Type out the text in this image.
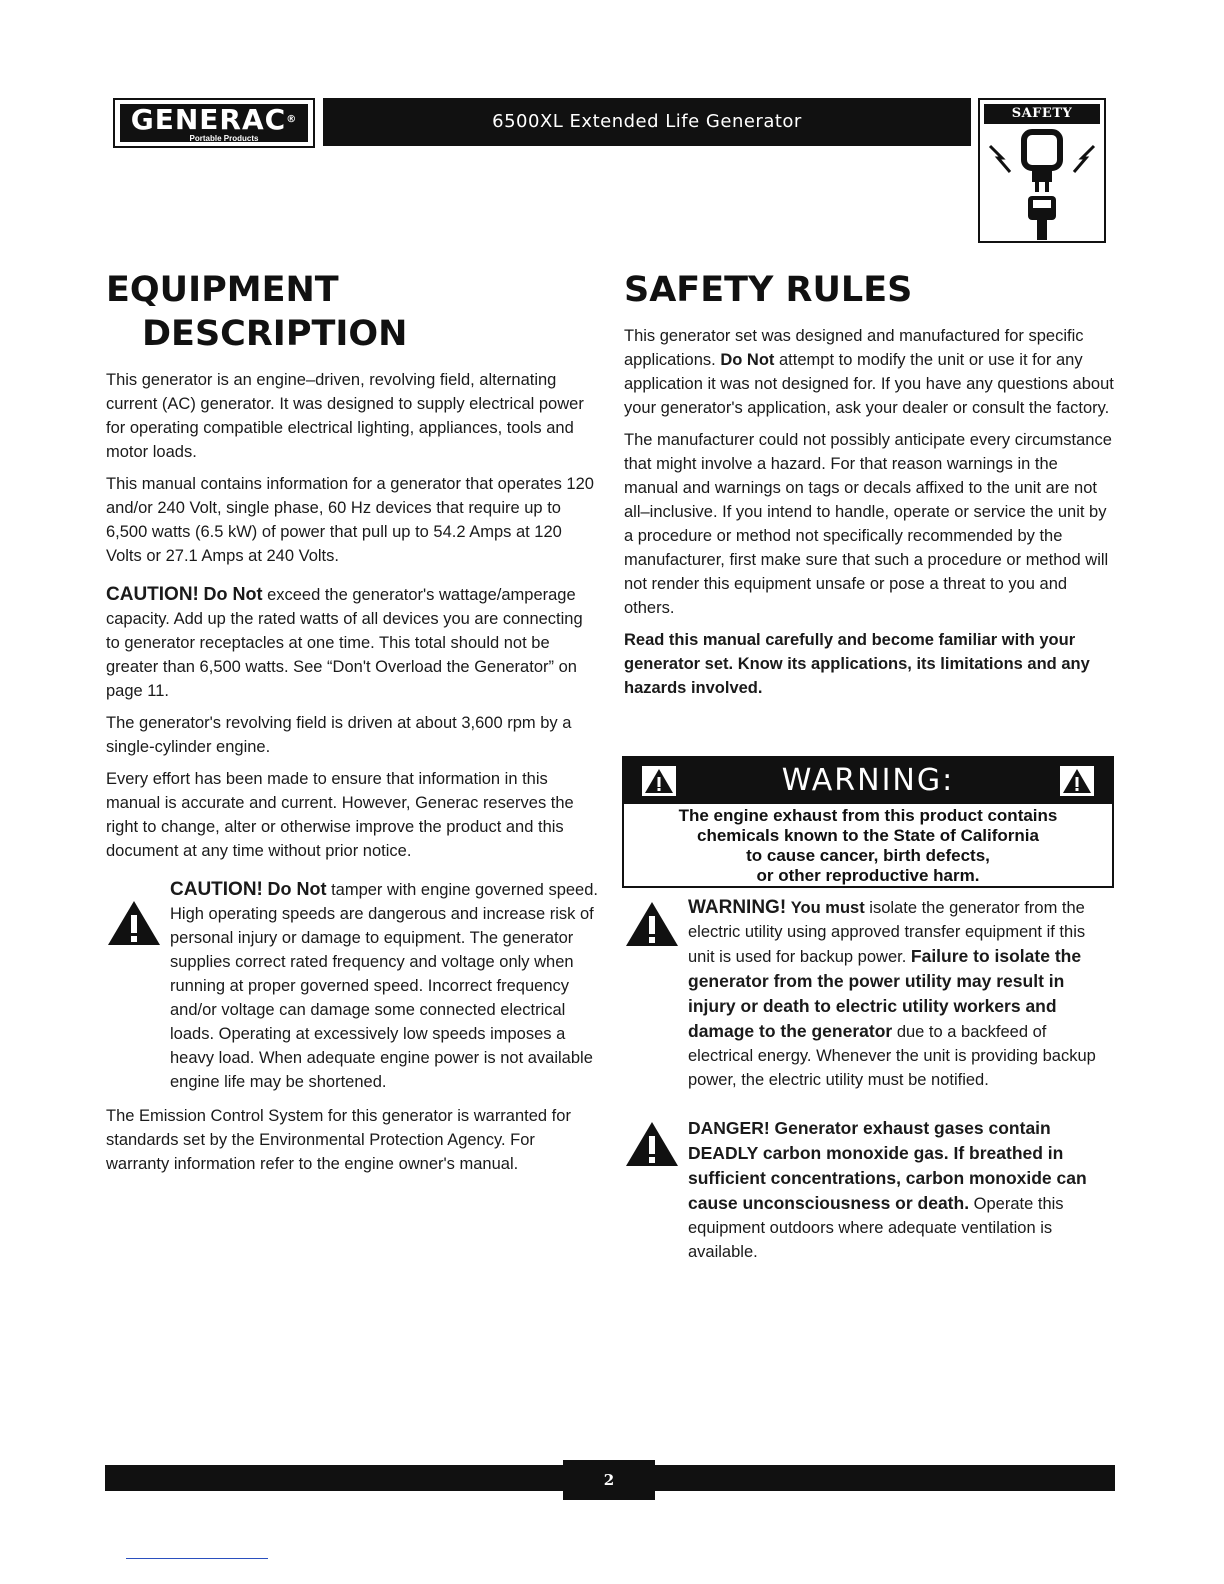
GENERAC®
Portable Products
6500XL Extended Life Generator	SAFETY RULES
EQUIPMENT
DESCRIPTION

This generator is an engine–driven, revolving field, alternating current (AC) generator. It was designed to supply electrical power for operating compatible electrical lighting, appliances, tools and motor loads.

This manual contains information for a generator that operates 120 and/or 240 Volt, single phase, 60 Hz devices that require up to 6,500 watts (6.5 kW) of power that pull up to 54.2 Amps at 120 Volts or 27.1 Amps at 240 Volts.

CAUTION! Do Not exceed the generator's wattage/amperage capacity. Add up the rated watts of all devices you are connecting to generator receptacles at one time. This total should not be greater than 6,500 watts. See “Don't Overload the Generator” on page 11.

The generator's revolving field is driven at about 3,600 rpm by a single-cylinder engine.

Every effort has been made to ensure that information in this manual is accurate and current. However, Generac reserves the right to change, alter or otherwise improve the product and this document at any time without prior notice.

CAUTION! Do Not tamper with engine governed speed. High operating speeds are dangerous and increase risk of personal injury or damage to equipment. The generator supplies correct rated frequency and voltage only when running at proper governed speed. Incorrect frequency and/or voltage can damage some connected electrical loads. Operating at excessively low speeds imposes a heavy load. When adequate engine power is not available engine life may be shortened.

The Emission Control System for this generator is warranted for standards set by the Environmental Protection Agency. For warranty information refer to the engine owner's manual.

SAFETY RULES

This generator set was designed and manufactured for specific applications. Do Not attempt to modify the unit or use it for any application it was not designed for. If you have any questions about your generator's application, ask your dealer or consult the factory.

The manufacturer could not possibly anticipate every circumstance that might involve a hazard. For that reason warnings in the manual and warnings on tags or decals affixed to the unit are not all–inclusive. If you intend to handle, operate or service the unit by a procedure or method not specifically recommended by the manufacturer, first make sure that such a procedure or method will not render this equipment unsafe or pose a threat to you and others.

Read this manual carefully and become familiar with your generator set. Know its applications, its limitations and any hazards involved.

WARNING:
The engine exhaust from this product contains
chemicals known to the State of California
to cause cancer, birth defects,
or other reproductive harm.

WARNING! You must isolate the generator from the electric utility using approved transfer equipment if this unit is used for backup power. Failure to isolate the generator from the power utility may result in injury or death to electric utility workers and damage to the generator due to a backfeed of electrical energy. Whenever the unit is providing backup power, the electric utility must be notified.

DANGER! Generator exhaust gases contain DEADLY carbon monoxide gas. If breathed in sufficient concentrations, carbon monoxide can cause unconsciousness or death. Operate this equipment outdoors where adequate ventilation is available.

2
